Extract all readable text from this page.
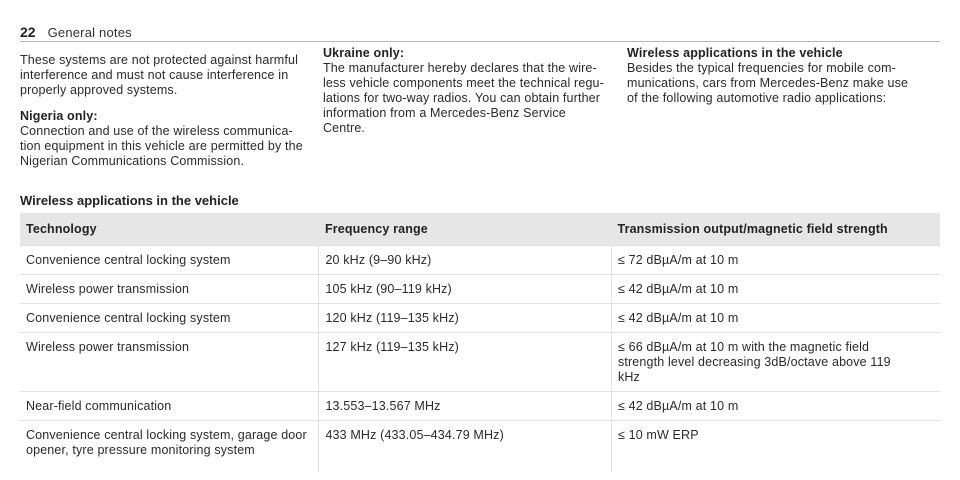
22 General notes

These systems are not protected against harmful
interference and must not cause interference in
properly approved systems.

Nigeria only:

Connection and use of the wireless communica-
tion equipment in this vehicle are permitted by the
Nigerian Communications Commission.

Ukraine only:

The manufacturer hereby declares that the wire-
less vehicle components meet the technical regu-
lations for two-way radios. You can obtain further
information from a Mercedes-Benz Service
Centre.

Wireless applications in the vehicle

Besides the typical frequencies for mobile com-
munications, cars from Mercedes-Benz make use
of the following automotive radio applications:

Wireless applications in the vehicle
Technology	Frequency range	Transmission output/magnetic field strength
Convenience central locking system	20 kHz (9–90 kHz)	≤ 72 dBµA/m at 10 m
Wireless power transmission	105 kHz (90–119 kHz)	≤ 42 dBµA/m at 10 m
Convenience central locking system	120 kHz (119–135 kHz)	≤ 42 dBµA/m at 10 m
Wireless power transmission	127 kHz (119–135 kHz)	≤ 66 dBµA/m at 10 m with the magnetic field
strength level decreasing 3dB/octave above 119
kHz
Near-field communication	13.553–13.567 MHz	≤ 42 dBµA/m at 10 m
Convenience central locking system, garage door
opener, tyre pressure monitoring system	433 MHz (433.05–434.79 MHz)	≤ 10 mW ERP
